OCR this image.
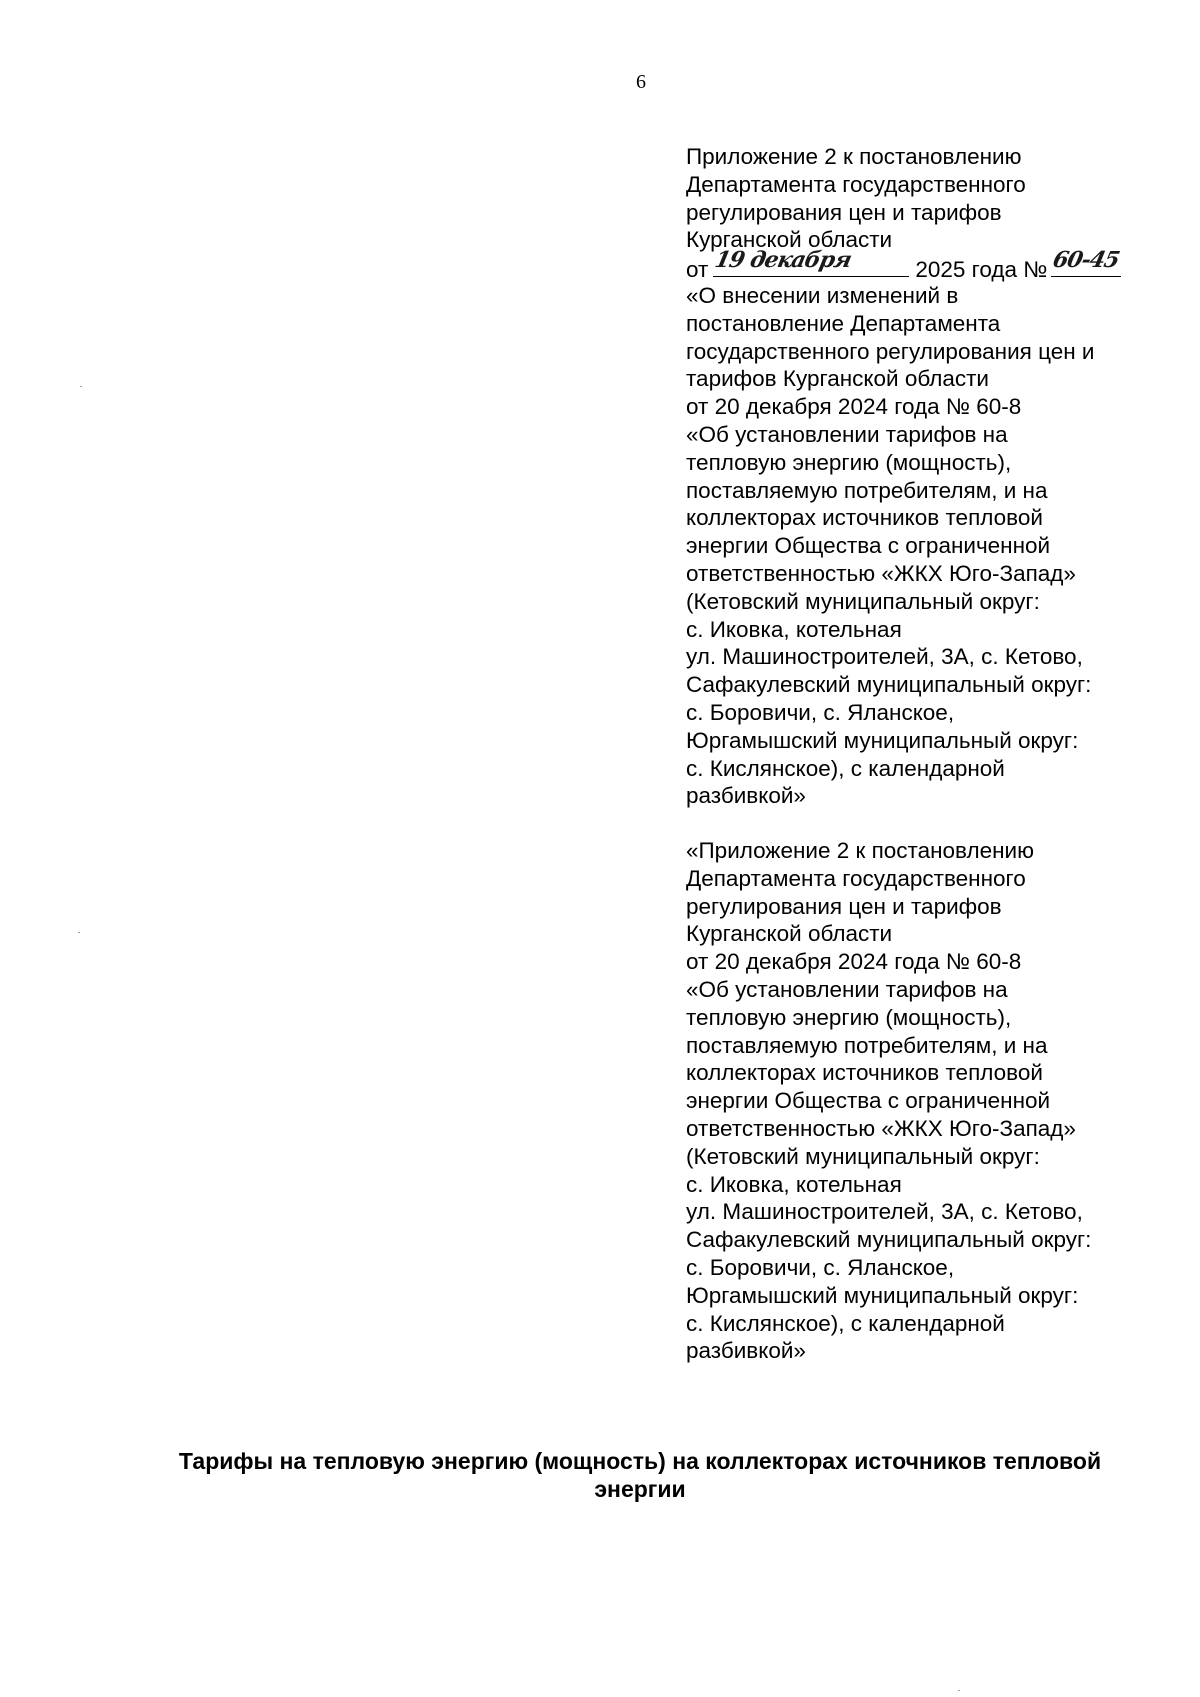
6
Приложение 2 к постановлению
Департамента государственного
регулирования цен и тарифов
Курганской области
от 19 декабря	2025 года № 60-45
«О внесении изменений в
постановление Департамента
государственного регулирования цен и
тарифов Курганской области
от 20 декабря 2024 года № 60-8
«Об установлении тарифов на
тепловую энергию (мощность),
поставляемую потребителям, и на
коллекторах источников тепловой
энергии Общества с ограниченной
ответственностью «ЖКХ Юго-Запад»
(Кетовский муниципальный округ:
с. Иковка, котельная
ул. Машиностроителей, 3А, с. Кетово,
Сафакулевский муниципальный округ:
с. Боровичи, с. Яланское,
Юргамышский муниципальный округ:
с. Кислянское), с календарной
разбивкой»
«Приложение 2 к постановлению
Департамента государственного
регулирования цен и тарифов
Курганской области
от 20 декабря 2024 года № 60-8
«Об установлении тарифов на
тепловую энергию (мощность),
поставляемую потребителям, и на
коллекторах источников тепловой
энергии Общества с ограниченной
ответственностью «ЖКХ Юго-Запад»
(Кетовский муниципальный округ:
с. Иковка, котельная
ул. Машиностроителей, 3А, с. Кетово,
Сафакулевский муниципальный округ:
с. Боровичи, с. Яланское,
Юргамышский муниципальный округ:
с. Кислянское), с календарной
разбивкой»
Тарифы на тепловую энергию (мощность) на коллекторах источников тепловой энергии
